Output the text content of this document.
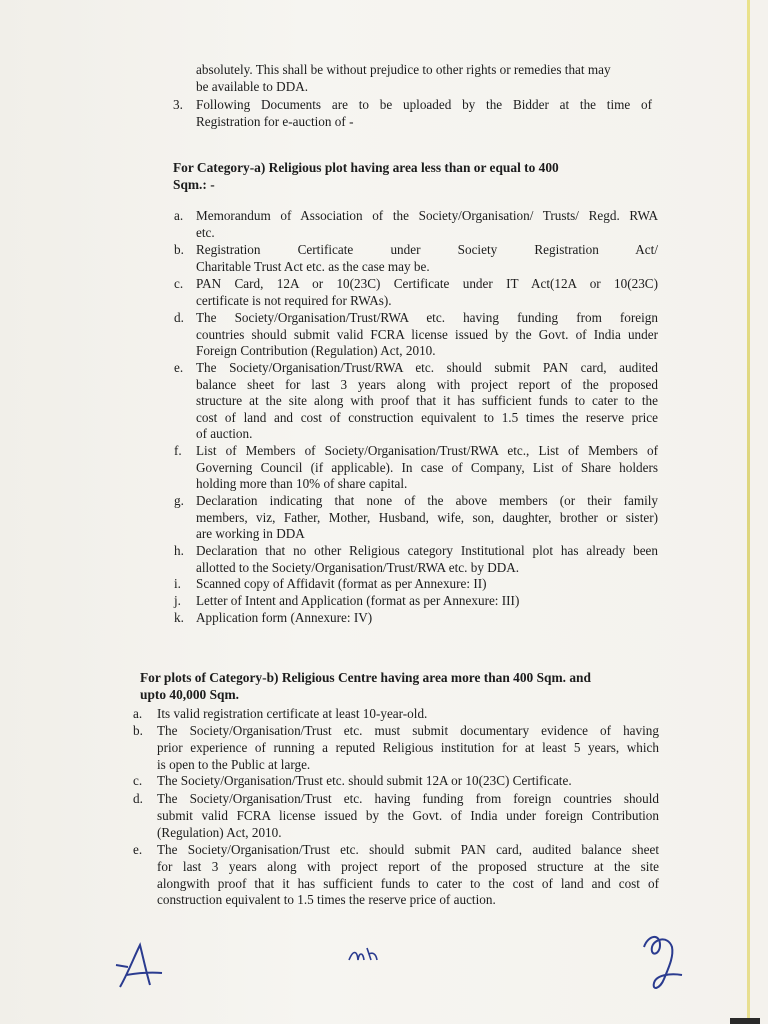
absolutely. This shall be without prejudice to other rights or remedies that may
be available to DDA.
3. Following Documents are to be uploaded by the Bidder at the time of
Registration for e-auction of -
For Category-a) Religious plot having area less than or equal to 400
Sqm.: -
a. Memorandum of Association of the Society/Organisation/ Trusts/ Regd. RWA
etc.
b. Registration    Certificate    under    Society    Registration    Act/
Charitable Trust Act etc. as the case may be.
c. PAN Card, 12A or 10(23C) Certificate under IT Act(12A or 10(23C)
certificate is not required for RWAs).
d. The Society/Organisation/Trust/RWA etc. having funding from foreign
countries should submit valid FCRA license issued by the Govt. of India under
Foreign Contribution (Regulation) Act, 2010.
e. The Society/Organisation/Trust/RWA etc. should submit PAN card, audited
balance sheet for last 3 years along with project report of the proposed
structure at the site along with proof that it has sufficient funds to cater to the
cost of land and cost of construction equivalent to 1.5 times the reserve price
of auction.
f. List of Members of Society/Organisation/Trust/RWA etc., List of Members of
Governing Council (if applicable). In case of Company, List of Share holders
holding more than 10% of share capital.
g. Declaration indicating that none of the above members (or their family
members, viz, Father, Mother, Husband, wife, son, daughter, brother or sister)
are working in DDA
h. Declaration that no other Religious category Institutional plot has already been
allotted to the Society/Organisation/Trust/RWA etc. by DDA.
i. Scanned copy of Affidavit (format as per Annexure: II)
j. Letter of Intent and Application (format as per Annexure: III)
k. Application form (Annexure: IV)
For plots of Category-b) Religious Centre having area more than 400 Sqm. and
upto 40,000 Sqm.
a. Its valid registration certificate at least 10-year-old.
b. The Society/Organisation/Trust etc. must submit documentary evidence of having
prior experience of running a reputed Religious institution for at least 5 years, which
is open to the Public at large.
c. The Society/Organisation/Trust etc. should submit 12A or 10(23C) Certificate.
d. The Society/Organisation/Trust etc. having funding from foreign countries should
submit valid FCRA license issued by the Govt. of India under foreign Contribution
(Regulation) Act, 2010.
e. The Society/Organisation/Trust etc. should submit PAN card, audited balance sheet
for last 3 years along with project report of the proposed structure at the site
alongwith proof that it has sufficient funds to cater to the cost of land and cost of
construction equivalent to 1.5 times the reserve price of auction.
